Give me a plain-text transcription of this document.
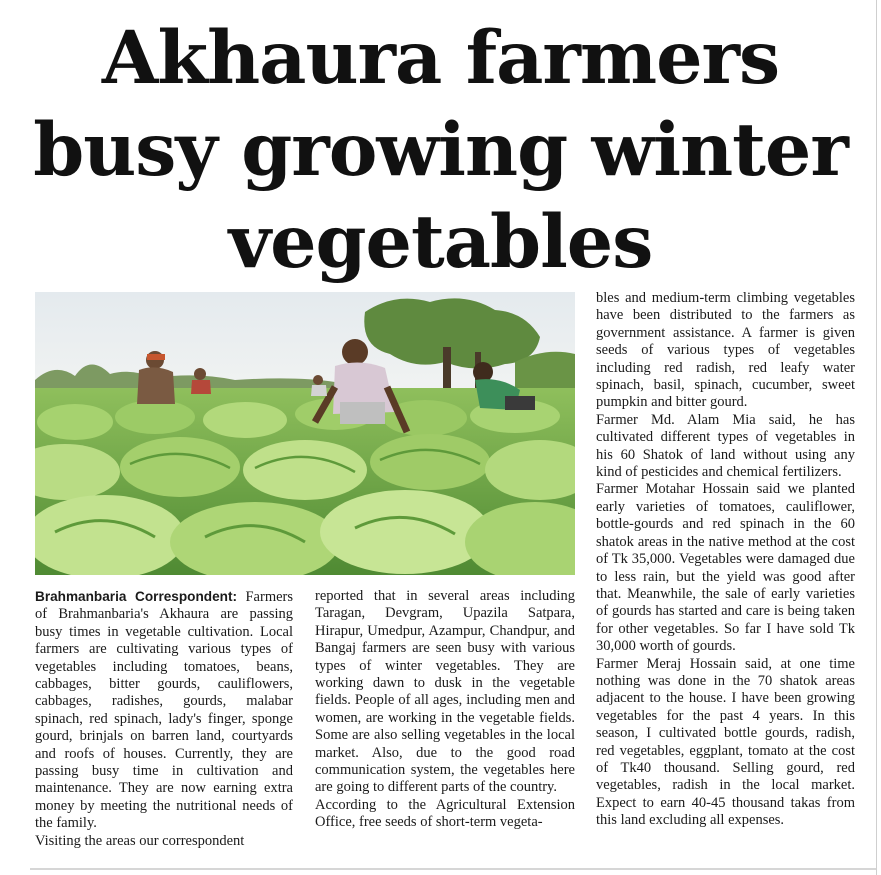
Akhaura farmers busy growing winter vegetables

Brahmanbaria Correspondent: Farmers of Brahmanbaria's Akhaura are passing busy times in vegetable cultivation. Local farmers are cultivating various types of vegetables including tomatoes, beans, cabbages, bitter gourds, cauliflowers, cabbages, radishes, gourds, malabar spinach, red spinach, lady's finger, sponge gourd, brinjals on barren land, courtyards and roofs of houses. Currently, they are passing busy time in cultivation and maintenance. They are now earning extra money by meeting the nutritional needs of the family.

Visiting the areas our correspondent

reported that in several areas including Taragan, Devgram, Upazila Satpara, Hirapur, Umedpur, Azampur, Chandpur, and Bangaj farmers are seen busy with various types of winter vegetables. They are working dawn to dusk in the vegetable fields. People of all ages, including men and women, are working in the vegetable fields. Some are also selling vegetables in the local market. Also, due to the good road communication system, the vegetables here are going to different parts of the country.

According to the Agricultural Extension Office, free seeds of short-term vegeta-

bles and medium-term climbing vegetables have been distributed to the farmers as government assistance. A farmer is given seeds of various types of vegetables including red radish, red leafy water spinach, basil, spinach, cucumber, sweet pumpkin and bitter gourd.

Farmer Md. Alam Mia said, he has cultivated different types of vegetables in his 60 Shatok of land without using any kind of pesticides and chemical fertilizers.

Farmer Motahar Hossain said we planted early varieties of tomatoes, cauliflower, bottle-gourds and red spinach in the 60 shatok areas in the native method at the cost of Tk 35,000. Vegetables were damaged due to less rain, but the yield was good after that. Meanwhile, the sale of early varieties of gourds has started and care is being taken for other vegetables. So far I have sold Tk 30,000 worth of gourds.

Farmer Meraj Hossain said, at one time nothing was done in the 70 shatok areas adjacent to the house. I have been growing vegetables for the past 4 years. In this season, I cultivated bottle gourds, radish, red vegetables, eggplant, tomato at the cost of Tk40 thousand. Selling gourd, red vegetables, radish in the local market. Expect to earn 40-45 thousand takas from this land excluding all expenses.
